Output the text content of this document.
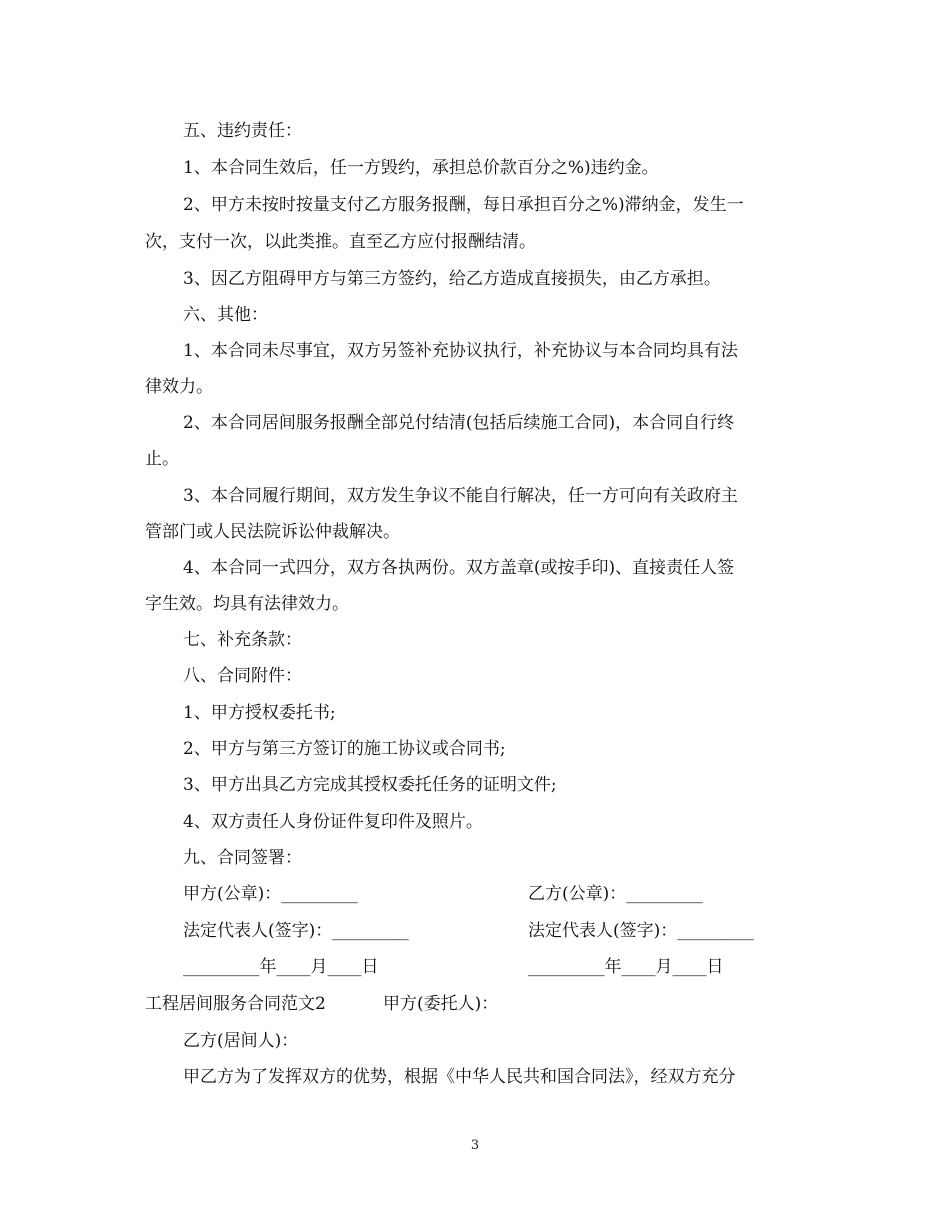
五、违约责任：
1、本合同生效后，任一方毁约，承担总价款百分之%)违约金。
2、甲方未按时按量支付乙方服务报酬，每日承担百分之%)滞纳金，发生一
次，支付一次，以此类推。直至乙方应付报酬结清。
3、因乙方阻碍甲方与第三方签约，给乙方造成直接损失，由乙方承担。
六、其他：
1、本合同未尽事宜，双方另签补充协议执行，补充协议与本合同均具有法
律效力。
2、本合同居间服务报酬全部兑付结清(包括后续施工合同)，本合同自行终
止。
3、本合同履行期间，双方发生争议不能自行解决，任一方可向有关政府主
管部门或人民法院诉讼仲裁解决。
4、本合同一式四分，双方各执两份。双方盖章(或按手印)、直接责任人签
字生效。均具有法律效力。
七、补充条款：
八、合同附件：
1、甲方授权委托书;
2、甲方与第三方签订的施工协议或合同书;
3、甲方出具乙方完成其授权委托任务的证明文件;
4、双方责任人身份证件复印件及照片。
九、合同签署：
甲方(公章)：_________	乙方(公章)：_________
法定代表人(签字)：_________	法定代表人(签字)：_________
_________年____月____日	_________年____月____日
工程居间服务合同范文2	甲方(委托人)：
乙方(居间人)：
甲乙方为了发挥双方的优势，根据《中华人民共和国合同法》，经双方充分
3
